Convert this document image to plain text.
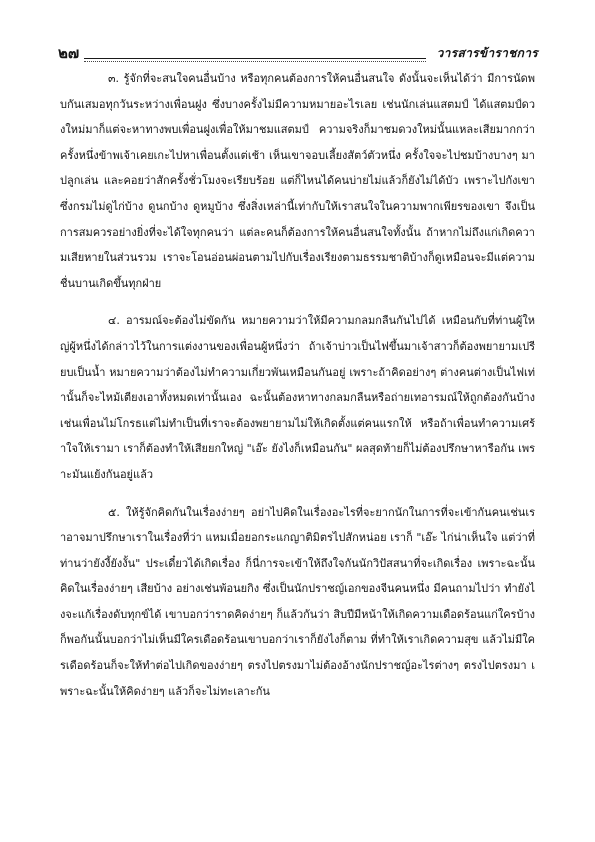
๒๗	วารสารข้าราชการ

๓. รู้จักที่จะสนใจคนอื่นบ้าง หรือทุกคนต้องการให้คนอื่นสนใจ ดังนั้นจะเห็นได้ว่า มีการนัดพบกันเสมอทุกวันระหว่างเพื่อนฝูง ซึ่งบางครั้งไม่มีความหมายอะไรเลย เช่นนักเล่นแสตมป์ ได้แสตมป์ดวงใหม่มาก็แต่จะหาทางพบเพื่อนฝูงเพื่อให้มาชมแสตมป์ ความจริงก็มาชมดวงใหม่นั้นแหละเสียมากกว่า ครั้งหนึ่งข้าพเจ้าเคยเกะไปหาเพื่อนตั้งแต่เช้า เห็นเขาจอบเลี้ยงสัตว์ตัวหนึ่ง ครั้งใจจะไปชมบ้างบางๆ มาปลูกเล่น และคอยว่าสักครั้งชั่วโมงจะเรียบร้อย แต่ก็ไหนได้คนบ่ายไม่แล้วก็ยังไม่ได้บัว เพราะไปกังเขาซึ่งกรมไม่ดูไก่บ้าง ดูนกบ้าง ดูหมูบ้าง ซึ่งสิ่งเหล่านี้เท่ากับให้เราสนใจในความพากเพียรของเขา จึงเป็นการสมควรอย่างยิ่งที่จะได้ใจทุกคนว่า แต่ละคนก็ต้องการให้คนอื่นสนใจทั้งนั้น ถ้าหากไม่ถึงแก่เกิดความเสียหายในส่วนรวม เราจะโอนอ่อนผ่อนตามไปกับเรื่องเรียงตามธรรมชาติบ้างก็ดูเหมือนจะมีแต่ความชื่นบานเกิดขึ้นทุกฝ่าย

๔. อารมณ์จะต้องไม่ขัดกัน หมายความว่าให้มีความกลมกลืนกันไปได้ เหมือนกับที่ท่านผู้ใหญ่ผู้หนึ่งได้กล่าวไว้ในการแต่งงานของเพื่อนผู้หนึ่งว่า ถ้าเจ้าบ่าวเป็นไฟขึ้นมาเจ้าสาวก็ต้องพยายามเปรียบเป็นน้ำ หมายความว่าต้องไม่ทำความเกี่ยวพันเหมือนกันอยู่ เพราะถ้าคิดอย่างๆ ต่างคนต่างเป็นไฟเท่านั้นก็จะไหม้เตียงเอาทั้งหมดเท่านั้นเอง ฉะนั้นต้องหาทางกลมกลืนหรือถ่ายเทอารมณ์ให้ถูกต้องกันบ้าง เช่นเพื่อนไม่โกรธแต่ไม่ทำเป็นที่เราจะต้องพยายามไม่ให้เกิดตั้งแต่คนแรกให้ หรือถ้าเพื่อนทำความเศร้าใจให้เรามา เราก็ต้องทำให้เสียยกใหญ่ "เอ๊ะ ยังไงก็เหมือนกัน" ผลสุดท้ายก็ไม่ต้องปรึกษาหารือกัน เพราะมันแย้งกันอยู่แล้ว

๕. ให้รู้จักคิดกันในเรื่องง่ายๆ อย่าไปคิดในเรื่องอะไรที่จะยากนักในการที่จะเข้ากันคนเช่นเราอาจมาปรึกษาเราในเรื่องที่ว่า แหมเมื่อยอกระแกญาติมิตรไปสักหน่อย เราก็ "เอ๊ะ ไก่น่าเห็นใจ แต่ว่าที่ท่านว่ายังงี้ยังงั้น" ประเดี๋ยวได้เกิดเรื่อง ก็นี่การจะเข้าให้ถึงใจกันนักวิปัสสนาที่จะเกิดเรื่อง เพราะฉะนั้นคิดในเรื่องง่ายๆ เสียบ้าง อย่างเช่นพ้อนยกิง ซึ่งเป็นนักปราชญ์เอกของจีนคนหนึ่ง มีคนถามไปว่า ทำยังไงจะแก้เรื่องดับทุกข์ได้ เขาบอกว่าราดคิดง่ายๆ ก็แล้วกันว่า สิบปีมีหน้าให้เกิดความเดือดร้อนแก่ใครบ้าง ก็พอกันนั้นบอกว่าไม่เห็นมีใครเดือดร้อนเขาบอกว่าเราก็ยังไงก็ตาม ที่ทำให้เราเกิดความสุข แล้วไม่มีใครเดือดร้อนก็จะให้ทำต่อไปเกิดของง่ายๆ ตรงไปตรงมาไม่ต้องอ้างนักปราชญ์อะไรต่างๆ ตรงไปตรงมา เพราะฉะนั้นให้คิดง่ายๆ แล้วก็จะไม่ทะเลาะกัน
